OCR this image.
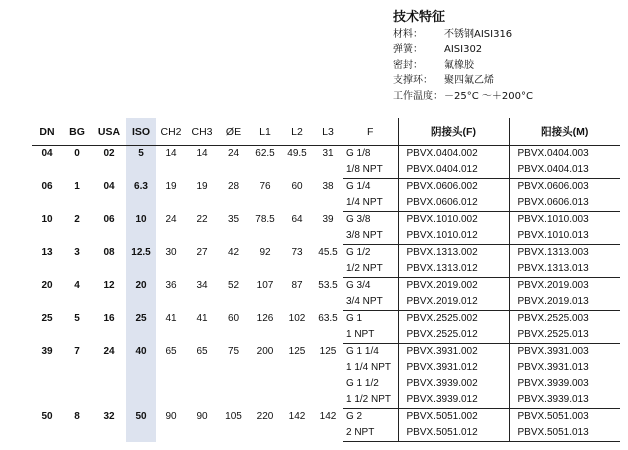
技术特征
材料： 不锈钢AISI316
弹簧： AISI302
密封： 氟橡胶
支撑环： 聚四氟乙烯
工作温度： －25°C ～＋200°C
DN	BG	USA	ISO	CH2	CH3	ØE	L1	L2	L3	F	阴接头(F)	阳接头(M)
04	0	02	5	14	14	24	62.5	49.5	31	G 1/8	PBVX.0404.002	PBVX.0404.003
										1/8 NPT	PBVX.0404.012	PBVX.0404.013
06	1	04	6.3	19	19	28	76	60	38	G 1/4	PBVX.0606.002	PBVX.0606.003
										1/4 NPT	PBVX.0606.012	PBVX.0606.013
10	2	06	10	24	22	35	78.5	64	39	G 3/8	PBVX.1010.002	PBVX.1010.003
										3/8 NPT	PBVX.1010.012	PBVX.1010.013
13	3	08	12.5	30	27	42	92	73	45.5	G 1/2	PBVX.1313.002	PBVX.1313.003
										1/2 NPT	PBVX.1313.012	PBVX.1313.013
20	4	12	20	36	34	52	107	87	53.5	G 3/4	PBVX.2019.002	PBVX.2019.003
										3/4 NPT	PBVX.2019.012	PBVX.2019.013
25	5	16	25	41	41	60	126	102	63.5	G 1	PBVX.2525.002	PBVX.2525.003
										1 NPT	PBVX.2525.012	PBVX.2525.013
39	7	24	40	65	65	75	200	125	125	G 1 1/4	PBVX.3931.002	PBVX.3931.003
										1 1/4 NPT	PBVX.3931.012	PBVX.3931.013
										G 1 1/2	PBVX.3939.002	PBVX.3939.003
										1 1/2 NPT	PBVX.3939.012	PBVX.3939.013
50	8	32	50	90	90	105	220	142	142	G 2	PBVX.5051.002	PBVX.5051.003
										2 NPT	PBVX.5051.012	PBVX.5051.013
